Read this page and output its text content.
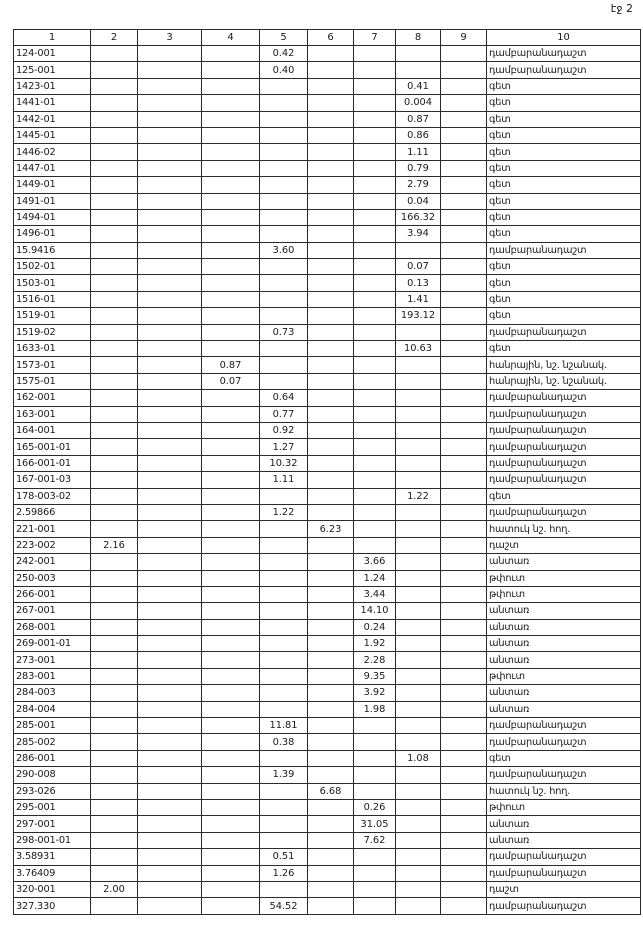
էջ 2
1	2	3	4	5	6	7	8	9	10
124-001				0.42					դամբարանադաշտ
125-001				0.40					դամբարանադաշտ
1423-01							0.41		գետ
1441-01							0.004		գետ
1442-01							0.87		գետ
1445-01							0.86		գետ
1446-02							1.11		գետ
1447-01							0.79		գետ
1449-01							2.79		գետ
1491-01							0.04		գետ
1494-01							166.32		գետ
1496-01							3.94		գետ
15.9416				3.60					դամբարանադաշտ
1502-01							0.07		գետ
1503-01							0.13		գետ
1516-01							1.41		գետ
1519-01							193.12		գետ
1519-02				0.73					դամբարանադաշտ
1633-01							10.63		գետ
1573-01			0.87						հանրային, նշ. նշանակ.
1575-01			0.07						հանրային, նշ. նշանակ.
162-001				0.64					դամբարանադաշտ
163-001				0.77					դամբարանադաշտ
164-001				0.92					դամբարանադաշտ
165-001-01				1.27					դամբարանադաշտ
166-001-01				10.32					դամբարանադաշտ
167-001-03				1.11					դամբարանադաշտ
178-003-02							1.22		գետ
2.59866				1.22					դամբարանադաշտ
221-001					6.23				հատուկ նշ. հող.
223-002	2.16								դաշտ
242-001						3.66			անտառ
250-003						1.24			թփուտ
266-001						3.44			թփուտ
267-001						14.10			անտառ
268-001						0.24			անտառ
269-001-01						1.92			անտառ
273-001						2.28			անտառ
283-001						9.35			թփուտ
284-003						3.92			անտառ
284-004						1.98			անտառ
285-001				11.81					դամբարանադաշտ
285-002				0.38					դամբարանադաշտ
286-001							1.08		գետ
290-008				1.39					դամբարանադաշտ
293-026					6.68				հատուկ նշ. հող.
295-001						0.26			թփուտ
297-001						31.05			անտառ
298-001-01						7.62			անտառ
3.58931				0.51					դամբարանադաշտ
3.76409				1.26					դամբարանադաշտ
320-001	2.00								դաշտ
327.330				54.52					դամբարանադաշտ
